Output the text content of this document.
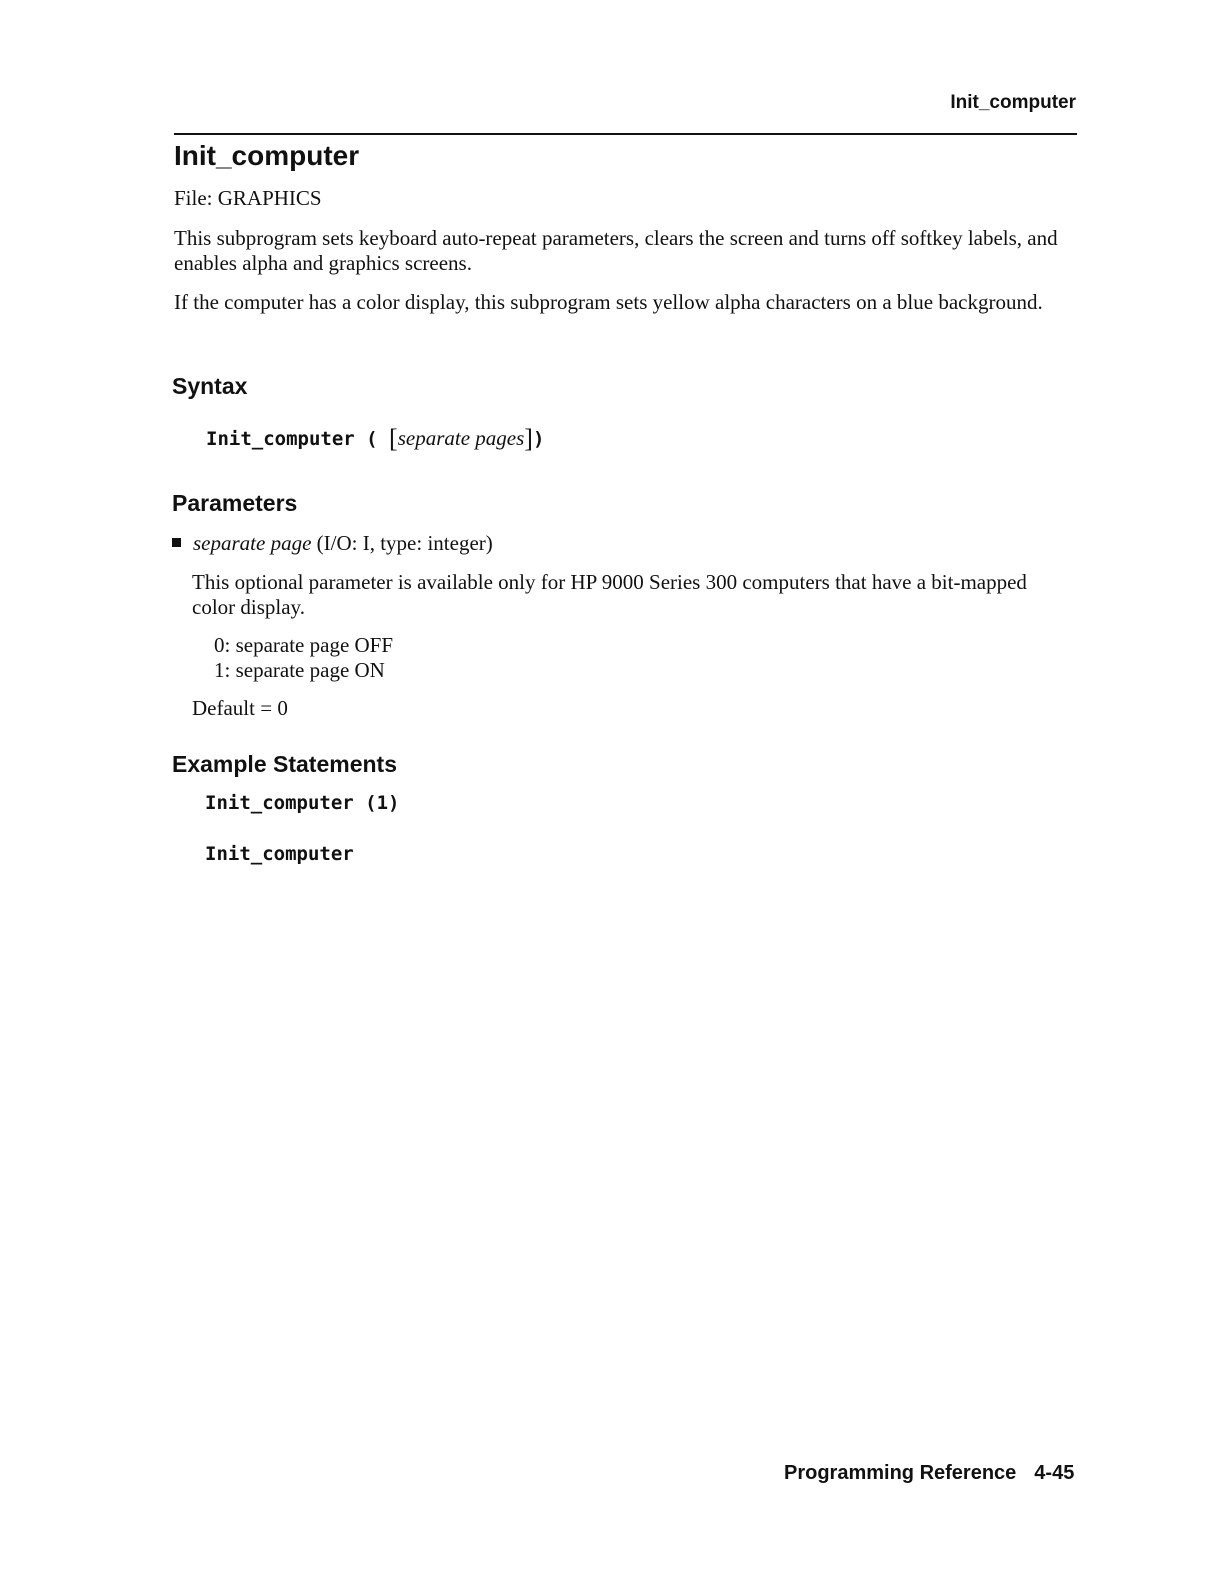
Init_computer
Init_computer

File: GRAPHICS

This subprogram sets keyboard auto-repeat parameters, clears the screen and turns off softkey labels, and enables alpha and graphics screens.

If the computer has a color display, this subprogram sets yellow alpha characters on a blue background.

Syntax
Init_computer ( [separate pages])
Parameters
separate page (I/O: I, type: integer)

This optional parameter is available only for HP 9000 Series 300 computers that have a bit-mapped color display.

0: separate page OFF
1: separate page ON
Default = 0
Example Statements
Init_computer (1)
Init_computer
Programming Reference 4-45
